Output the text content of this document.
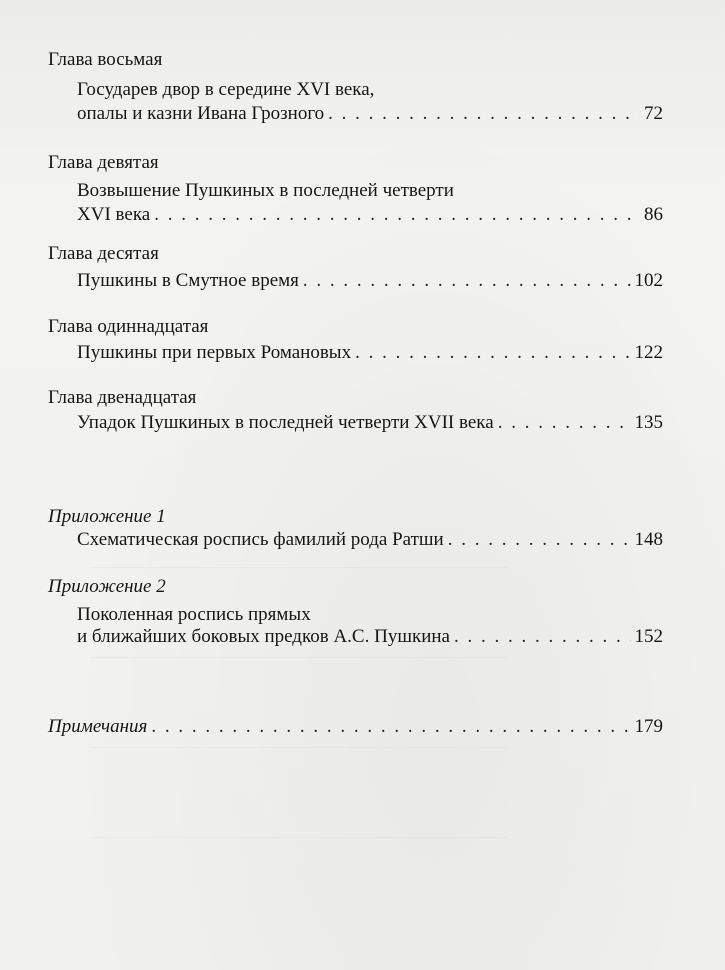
——————————————————————————————————————
——————————————————————————————————————
——————————————————————————————————————
——————————————————————————————————————
Глава восьмая
Государев двор в середине XVI века,
опалы и казни Ивана Грозного . . .	72
Глава девятая
Возвышение Пушкиных в последней четверти
XVI века . . .	86
Глава десятая
Пушкины в Смутное время . . .	102
Глава одиннадцатая
Пушкины при первых Романовых . . .	122
Глава двенадцатая
Упадок Пушкиных в последней четверти XVII века . . .	135
Приложение 1
Схематическая роспись фамилий рода Ратши . . .	148
Приложение 2
Поколенная роспись прямых
и ближайших боковых предков А.С. Пушкина . . .	152
Примечания . . .	179
